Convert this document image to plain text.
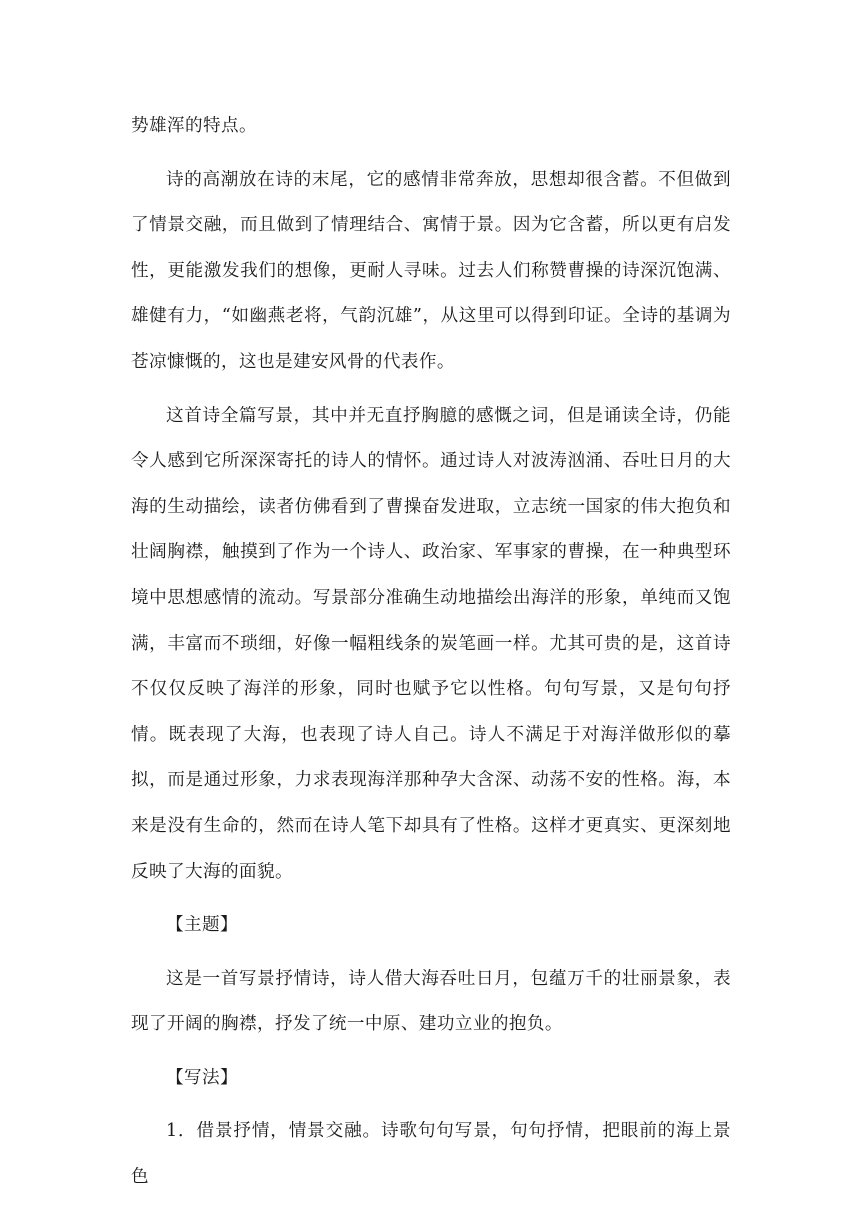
势雄浑的特点。

诗的高潮放在诗的末尾，它的感情非常奔放，思想却很含蓄。不但做到了情景交融，而且做到了情理结合、寓情于景。因为它含蓄，所以更有启发性，更能激发我们的想像，更耐人寻味。过去人们称赞曹操的诗深沉饱满、雄健有力，“如幽燕老将，气韵沉雄”，从这里可以得到印证。全诗的基调为苍凉慷慨的，这也是建安风骨的代表作。

这首诗全篇写景，其中并无直抒胸臆的感慨之词，但是诵读全诗，仍能令人感到它所深深寄托的诗人的情怀。通过诗人对波涛汹涌、吞吐日月的大海的生动描绘，读者仿佛看到了曹操奋发进取，立志统一国家的伟大抱负和壮阔胸襟，触摸到了作为一个诗人、政治家、军事家的曹操，在一种典型环境中思想感情的流动。写景部分准确生动地描绘出海洋的形象，单纯而又饱满，丰富而不琐细，好像一幅粗线条的炭笔画一样。尤其可贵的是，这首诗不仅仅反映了海洋的形象，同时也赋予它以性格。句句写景，又是句句抒情。既表现了大海，也表现了诗人自己。诗人不满足于对海洋做形似的摹拟，而是通过形象，力求表现海洋那种孕大含深、动荡不安的性格。海，本来是没有生命的，然而在诗人笔下却具有了性格。这样才更真实、更深刻地反映了大海的面貌。

【主题】

这是一首写景抒情诗，诗人借大海吞吐日月，包蕴万千的壮丽景象，表现了开阔的胸襟，抒发了统一中原、建功立业的抱负。

【写法】

1．借景抒情，情景交融。诗歌句句写景，句句抒情，把眼前的海上景色
